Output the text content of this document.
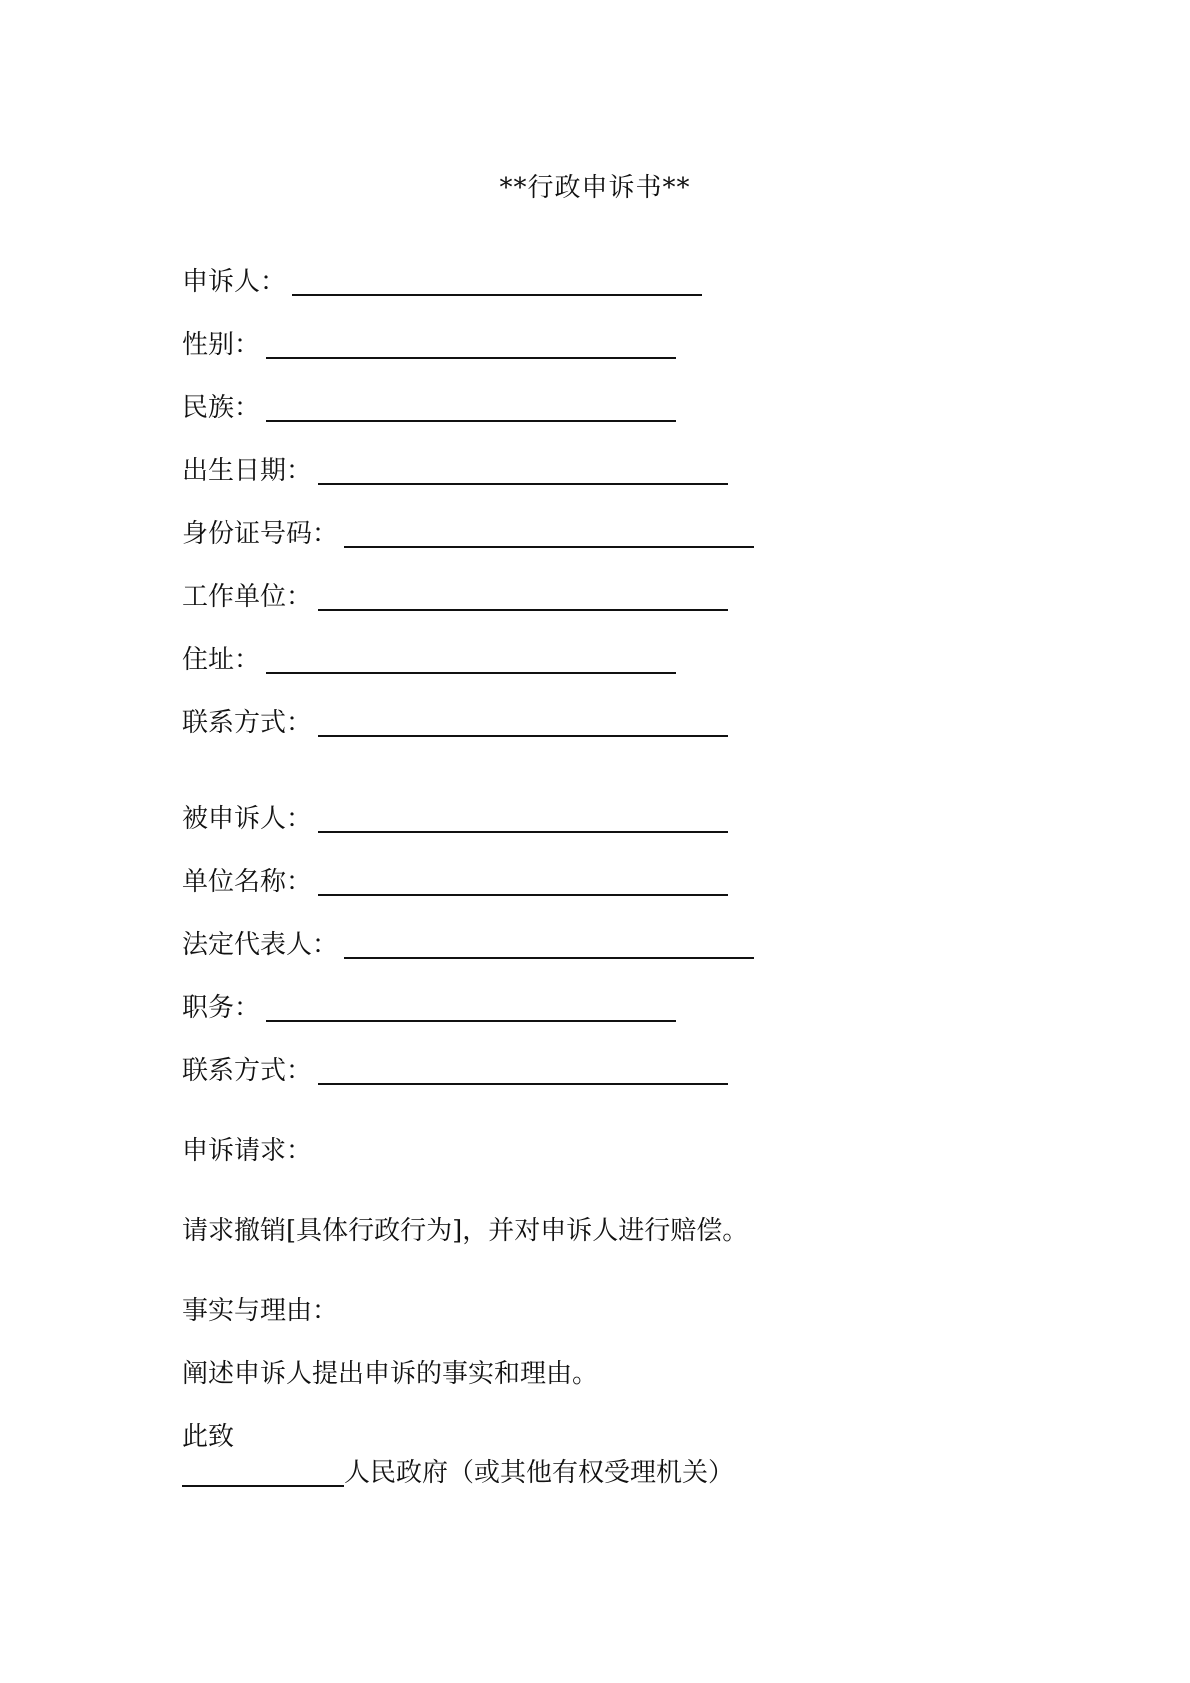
**行政申诉书**
申诉人：
性别：
民族：
出生日期：
身份证号码：
工作单位：
住址：
联系方式：
被申诉人：
单位名称：
法定代表人：
职务：
联系方式：
申诉请求：
请求撤销[具体行政行为]，并对申诉人进行赔偿。
事实与理由：
阐述申诉人提出申诉的事实和理由。
此致
人民政府（或其他有权受理机关）
